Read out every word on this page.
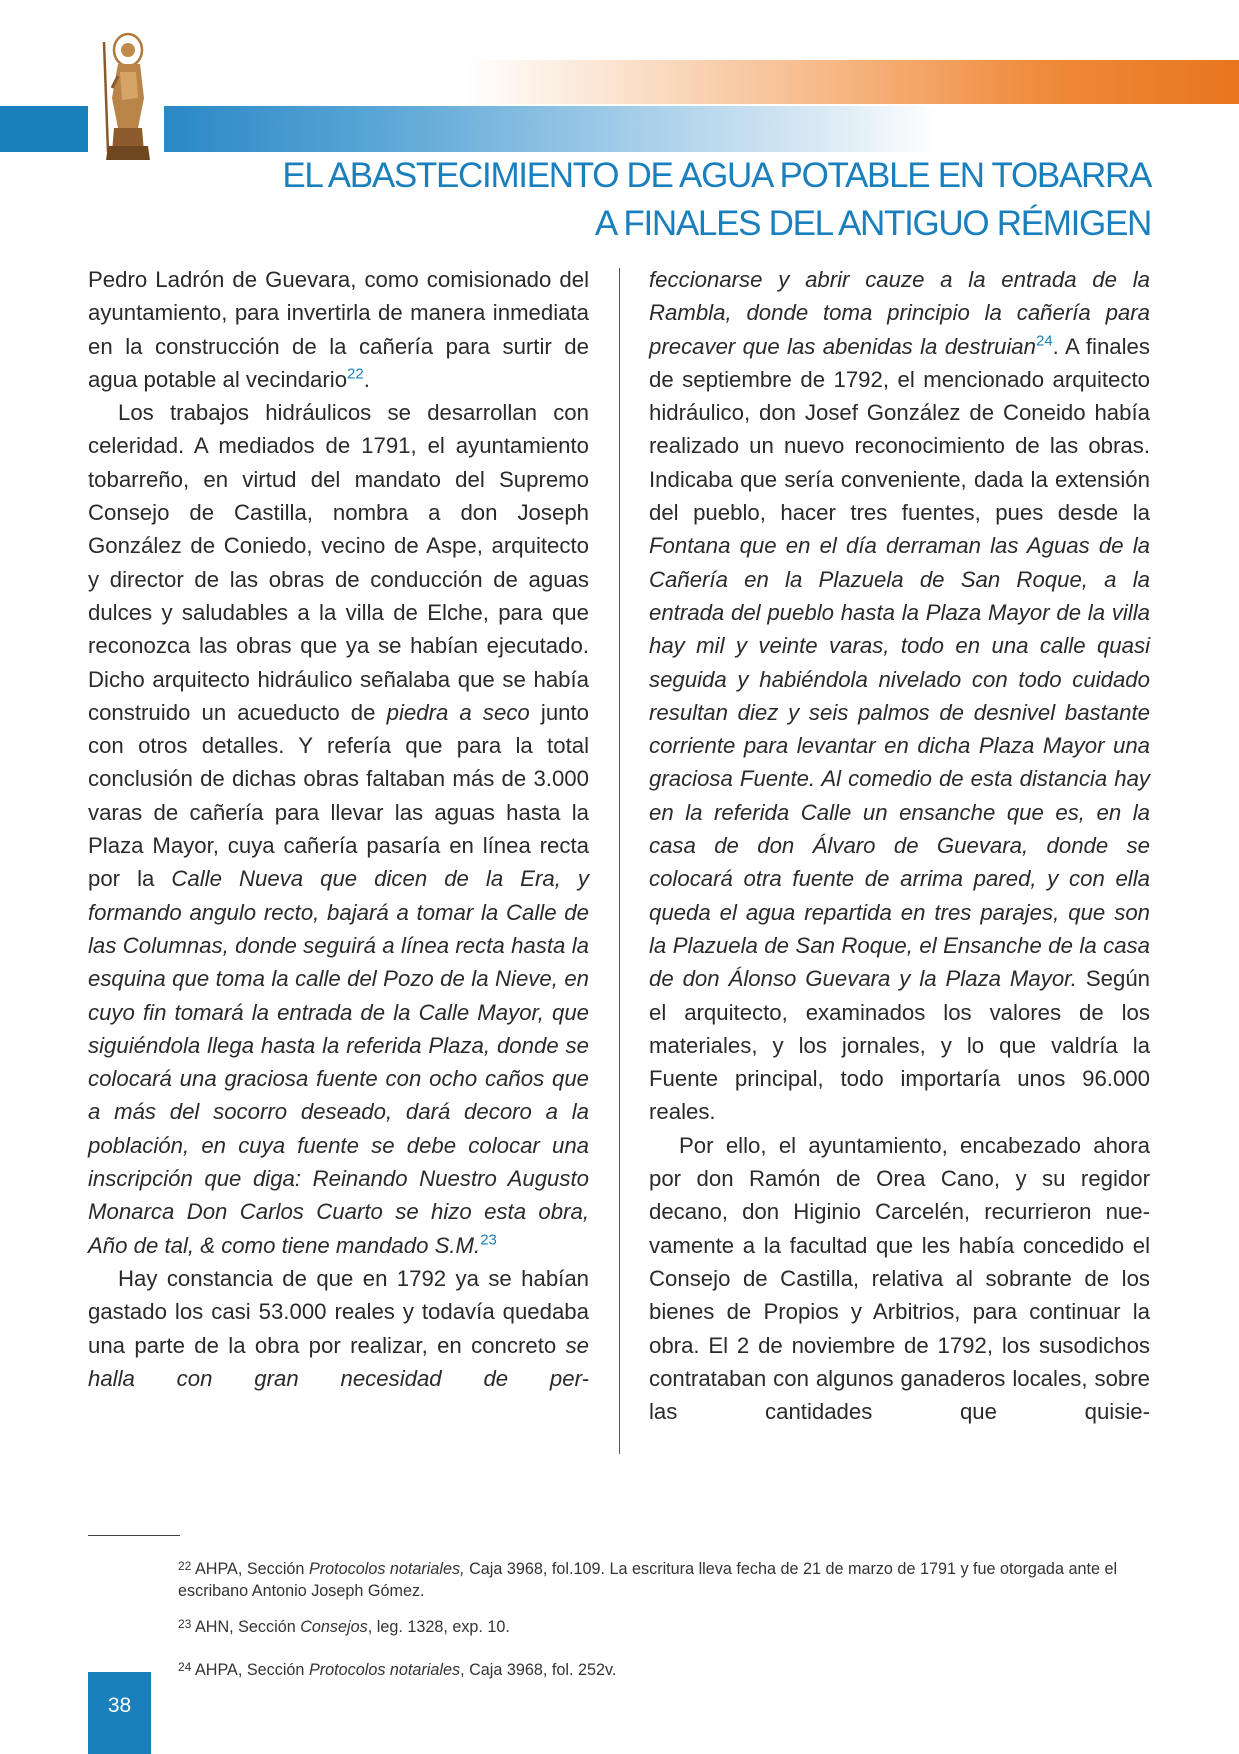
EL ABASTECIMIENTO DE AGUA POTABLE EN TOBARRA
A FINALES DEL ANTIGUO RÉMIGEN

Pedro Ladrón de Guevara, como comisionado del ayuntamiento, para invertirla de manera inmediata en la construcción de la cañería para surtir de agua potable al vecindario$^{22}$.

Los trabajos hidráulicos se desarrollan con celeridad. A mediados de 1791, el ayuntamiento tobarreño, en virtud del mandato del Supremo Consejo de Castilla, nombra a don Joseph González de Coniedo, vecino de Aspe, arquitecto y director de las obras de conducción de aguas dulces y saludables a la villa de Elche, para que reconozca las obras que ya se habían ejecutado. Dicho arquitecto hidráulico señalaba que se había construido un acueducto de piedra a seco junto con otros detalles. Y refería que para la total conclusión de dichas obras faltaban más de 3.000 varas de cañería para llevar las aguas hasta la Plaza Mayor, cuya cañería pasaría en línea recta por la Calle Nueva que dicen de la Era, y formando angulo recto, bajará a tomar la Calle de las Columnas, donde seguirá a línea recta hasta la esquina que toma la calle del Pozo de la Nieve, en cuyo fin tomará la entrada de la Calle Mayor, que siguiéndola llega hasta la referida Plaza, donde se colocará una graciosa fuente con ocho caños que a más del socorro deseado, dará decoro a la población, en cuya fuente se debe colocar una inscripción que diga: Reinando Nuestro Augusto Monarca Don Carlos Cuarto se hizo esta obra, Año de tal, & como tiene mandado S.M.$^{23}$

Hay constancia de que en 1792 ya se habían gastado los casi 53.000 reales y todavía quedaba una parte de la obra por realizar, en concreto se halla con gran necesidad de per-

feccionarse y abrir cauze a la entrada de la Rambla, donde toma principio la cañería para precaver que las abenidas la destruian$^{24}$. A finales de septiembre de 1792, el mencionado arquitecto hidráulico, don Josef González de Coneido había realizado un nuevo reconocimiento de las obras. Indicaba que sería conveniente, dada la extensión del pueblo, hacer tres fuentes, pues desde la Fontana que en el día derraman las Aguas de la Cañería en la Plazuela de San Roque, a la entrada del pueblo hasta la Plaza Mayor de la villa hay mil y veinte varas, todo en una calle quasi seguida y habiéndola nivelado con todo cuidado resultan diez y seis palmos de desnivel bastante corriente para levantar en dicha Plaza Mayor una graciosa Fuente. Al comedio de esta distancia hay en la referida Calle un ensanche que es, en la casa de don Álvaro de Guevara, donde se colocará otra fuente de arrima pared, y con ella queda el agua repartida en tres parajes, que son la Plazuela de San Roque, el Ensanche de la casa de don Álonso Guevara y la Plaza Mayor. Según el arquitecto, examinados los valores de los materiales, y los jornales, y lo que valdría la Fuente principal, todo importaría unos 96.000 reales.

Por ello, el ayuntamiento, encabezado ahora por don Ramón de Orea Cano, y su regidor decano, don Higinio Carcelén, recurrieron nuevamente a la facultad que les había concedido el Consejo de Castilla, relativa al sobrante de los bienes de Propios y Arbitrios, para continuar la obra. El 2 de noviembre de 1792, los susodichos contrataban con algunos ganaderos locales, sobre las cantidades que quisie-

$^{22}$ AHPA, Sección Protocolos notariales, Caja 3968, fol.109. La escritura lleva fecha de 21 de marzo de 1791 y fue otorgada ante el escribano Antonio Joseph Gómez.
$^{23}$ AHN, Sección Consejos, leg. 1328, exp. 10.
$^{24}$ AHPA, Sección Protocolos notariales, Caja 3968, fol. 252v.
38
